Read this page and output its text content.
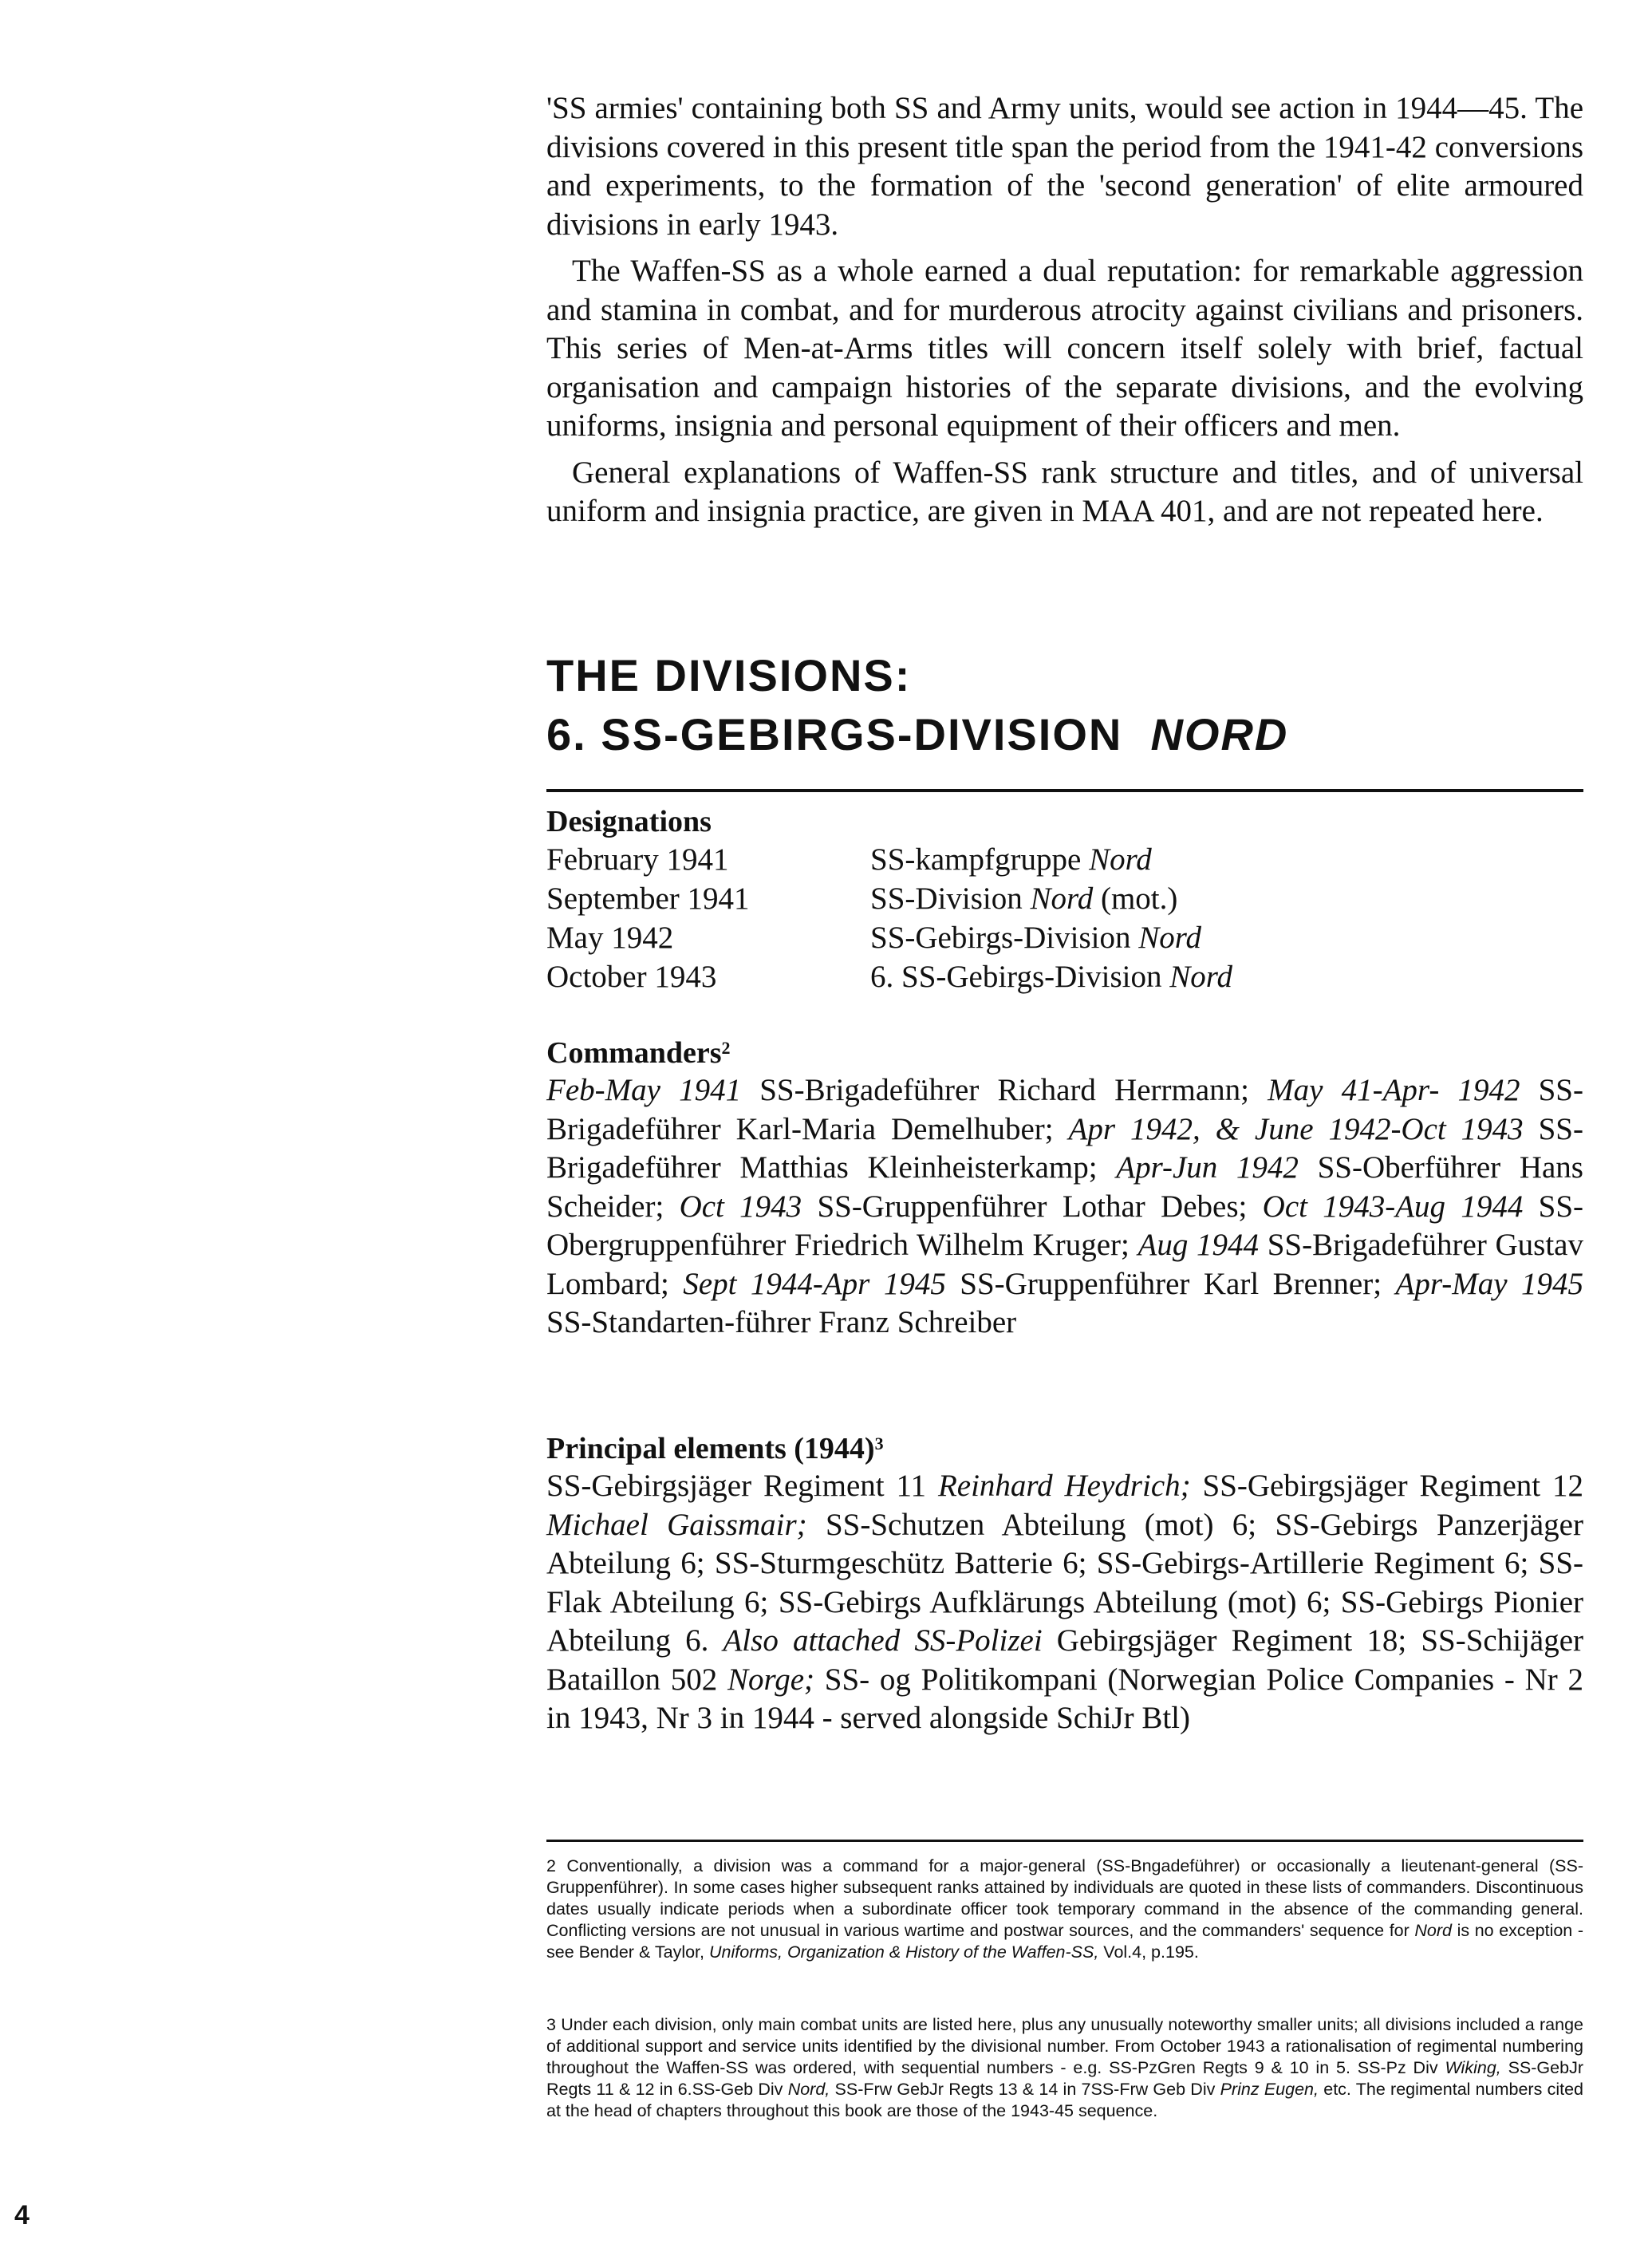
'SS armies' containing both SS and Army units, would see action in 1944—45. The divisions covered in this present title span the period from the 1941-42 conversions and experiments, to the formation of the 'second generation' of elite armoured divisions in early 1943.

The Waffen-SS as a whole earned a dual reputation: for remarkable aggression and stamina in combat, and for murderous atrocity against civilians and prisoners. This series of Men-at-Arms titles will concern itself solely with brief, factual organisation and campaign histories of the separate divisions, and the evolving uniforms, insignia and personal equipment of their officers and men.

General explanations of Waffen-SS rank structure and titles, and of universal uniform and insignia practice, are given in MAA 401, and are not repeated here.

THE DIVISIONS:
6. SS-GEBIRGS-DIVISION NORD

Designations

February 1941	SS-kampfgruppe Nord
September 1941	SS-Division Nord (mot.)
May 1942	SS-Gebirgs-Division Nord
October 1943	6. SS-Gebirgs-Division Nord

Commanders$^2$

Feb-May 1941 SS-Brigadeführer Richard Herrmann; May 41-Apr- 1942 SS-Brigadeführer Karl-Maria Demelhuber; Apr 1942, & June 1942-Oct 1943 SS-Brigadeführer Matthias Kleinheisterkamp; Apr-Jun 1942 SS-Oberführer Hans Scheider; Oct 1943 SS-Gruppenführer Lothar Debes; Oct 1943-Aug 1944 SS-Obergruppenführer Friedrich Wilhelm Kruger; Aug 1944 SS-Brigadeführer Gustav Lombard; Sept 1944-Apr 1945 SS-Gruppenführer Karl Brenner; Apr-May 1945 SS-Standarten-führer Franz Schreiber

Principal elements $(1944)^3$

SS-Gebirgsjäger Regiment 11 Reinhard Heydrich; SS-Gebirgsjäger Regiment 12 Michael Gaissmair; SS-Schutzen Abteilung (mot) 6; SS-Gebirgs Panzerjäger Abteilung 6; SS-Sturmgeschütz Batterie 6; SS-Gebirgs-Artillerie Regiment 6; SS-Flak Abteilung 6; SS-Gebirgs Aufklärungs Abteilung (mot) 6; SS-Gebirgs Pionier Abteilung 6. Also attached SS-Polizei Gebirgsjäger Regiment 18; SS-Schijäger Bataillon 502 Norge; SS- og Politikompani (Norwegian Police Companies - Nr 2 in 1943, Nr 3 in 1944 - served alongside SchiJr Btl)

2 Conventionally, a division was a command for a major-general (SS-Bngadeführer) or occasionally a lieutenant-general (SS-Gruppenführer). In some cases higher subsequent ranks attained by individuals are quoted in these lists of commanders. Discontinuous dates usually indicate periods when a subordinate officer took temporary command in the absence of the commanding general. Conflicting versions are not unusual in various wartime and postwar sources, and the commanders' sequence for Nord is no exception - see Bender & Taylor, Uniforms, Organization & History of the Waffen-SS, Vol.4, p.195.

3 Under each division, only main combat units are listed here, plus any unusually noteworthy smaller units; all divisions included a range of additional support and service units identified by the divisional number. From October 1943 a rationalisation of regimental numbering throughout the Waffen-SS was ordered, with sequential numbers - e.g. SS-PzGren Regts 9 & 10 in 5. SS-Pz Div Wiking, SS-GebJr Regts 11 & 12 in 6.SS-Geb Div Nord, SS-Frw GebJr Regts 13 & 14 in 7SS-Frw Geb Div Prinz Eugen, etc. The regimental numbers cited at the head of chapters throughout this book are those of the 1943-45 sequence.

4
